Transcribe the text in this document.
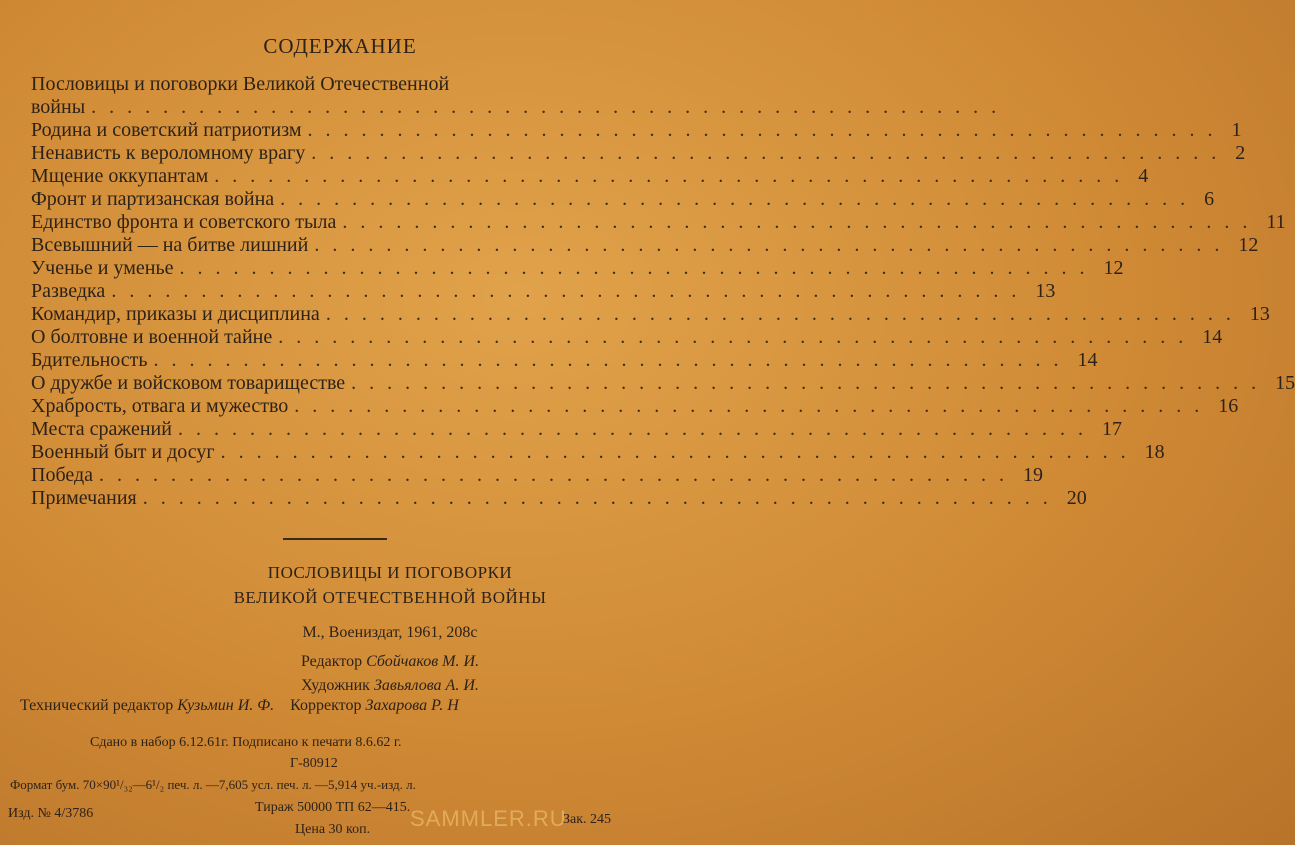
СОДЕРЖАНИЕ
Пословицы и поговорки Великой Отечественной
войны ...................................................
Родина и советский патриотизм ................................................... 1
Ненависть к вероломному врагу ................................................... 2
Мщение оккупантам ................................................... 4
Фронт и партизанская война ................................................... 6
Единство фронта и советского тыла ................................................... 11
Всевышний — на битве лишний ................................................... 12
Ученье и уменье ................................................... 12
Разведка ................................................... 13
Командир, приказы и дисциплина ................................................... 13
О болтовне и военной тайне ................................................... 14
Бдительность ................................................... 14
О дружбе и войсковом товариществе ................................................... 15
Храбрость, отвага и мужество ................................................... 16
Места сражений ................................................... 17
Военный быт и досуг ................................................... 18
Победа ................................................... 19
Примечания ................................................... 20
ПОСЛОВИЦЫ И ПОГОВОРКИ
ВЕЛИКОЙ ОТЕЧЕСТВЕННОЙ ВОЙНЫ
М., Воениздат, 1961, 208с
Редактор Сбойчаков М. И.
Художник Завьялова А. И.
Технический редактор Кузьмин И. Ф. Корректор Захарова Р. Н
Сдано в набор 6.12.61г. Подписано к печати 8.6.62 г.
Г-80912
Формат бум. 70×90¹/₃₂—6¹/₂ печ. л. —7,605 усл. печ. л. —5,914 уч.-изд. л.
Тираж 50000 ТП 62—415.
Изд. № 4/3786
Цена 30 коп.
Зак. 245
SAMMLER.RU
